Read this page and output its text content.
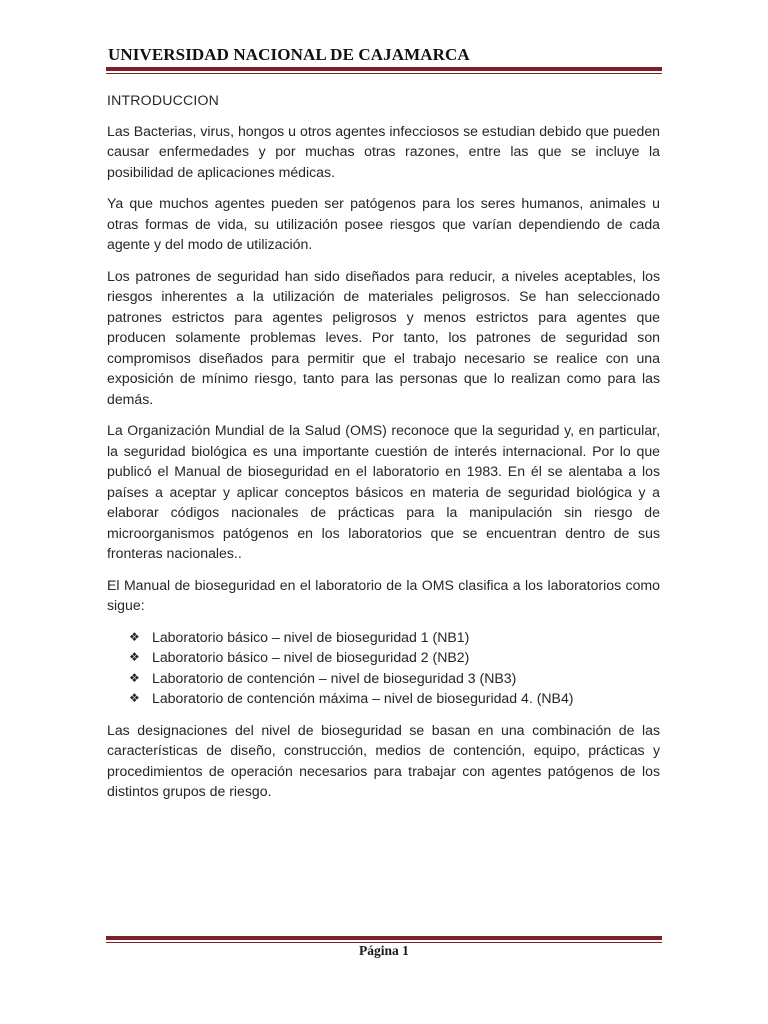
UNIVERSIDAD NACIONAL DE CAJAMARCA
INTRODUCCION

Las Bacterias, virus, hongos u otros agentes infecciosos se estudian debido que pueden causar enfermedades y por muchas otras razones, entre las que se incluye la posibilidad de aplicaciones médicas.

Ya que muchos agentes pueden ser patógenos para los seres humanos, animales u otras formas de vida, su utilización posee riesgos que varían dependiendo de cada agente y del modo de utilización.

Los patrones de seguridad han sido diseñados para reducir, a niveles aceptables, los riesgos inherentes a la utilización de materiales peligrosos. Se han seleccionado patrones estrictos para agentes peligrosos y menos estrictos para agentes que producen solamente problemas leves. Por tanto, los patrones de seguridad son compromisos diseñados para permitir que el trabajo necesario se realice con una exposición de mínimo riesgo, tanto para las personas que lo realizan como para las demás.

La Organización Mundial de la Salud (OMS) reconoce que la seguridad y, en particular, la seguridad biológica es una importante cuestión de interés internacional. Por lo que publicó el Manual de bioseguridad en el laboratorio en 1983. En él se alentaba a los países a aceptar y aplicar conceptos básicos en materia de seguridad biológica y a elaborar códigos nacionales de prácticas para la manipulación sin riesgo de microorganismos patógenos en los laboratorios que se encuentran dentro de sus fronteras nacionales..

El Manual de bioseguridad en el laboratorio de la OMS clasifica a los laboratorios como sigue:

❖ Laboratorio básico – nivel de bioseguridad 1 (NB1)
❖ Laboratorio básico – nivel de bioseguridad 2 (NB2)
❖ Laboratorio de contención – nivel de bioseguridad 3 (NB3)
❖ Laboratorio de contención máxima – nivel de bioseguridad 4. (NB4)

Las designaciones del nivel de bioseguridad se basan en una combinación de las características de diseño, construcción, medios de contención, equipo, prácticas y procedimientos de operación necesarios para trabajar con agentes patógenos de los distintos grupos de riesgo.

Página 1
